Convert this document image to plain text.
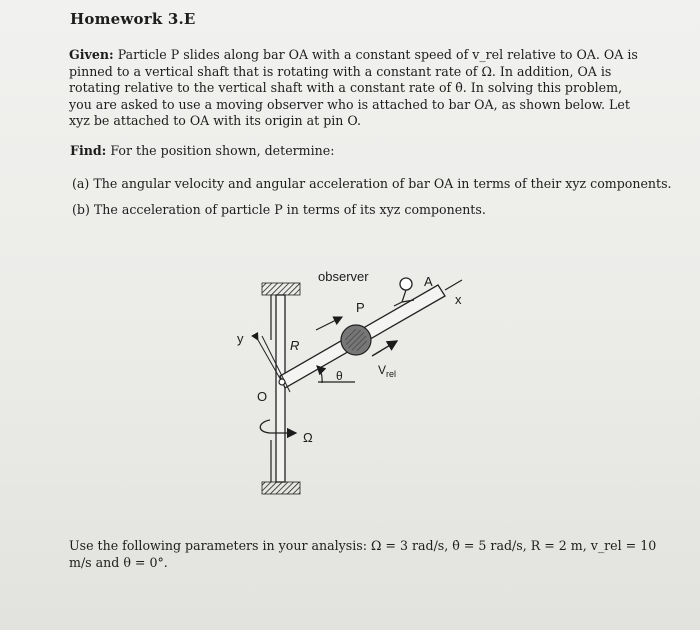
Homework 3.E
Given: Particle P slides along bar OA with a constant speed of v_rel relative to OA. OA is pinned to a vertical shaft that is rotating with a constant rate of Ω. In addition, OA is rotating relative to the vertical shaft with a constant rate of θ̇. In solving this problem, you are asked to use a moving observer who is attached to bar OA, as shown below. Let xyz be attached to OA with its origin at pin O.
Find: For the position shown, determine:
(a) The angular velocity and angular acceleration of bar OA in terms of their xyz components.
(b) The acceleration of particle P in terms of its xyz components.
observer	A
x
P
y	R
θ	$V_{rel}$
O
Ω
Use the following parameters in your analysis: Ω = 3 rad/s, θ̇ = 5 rad/s, R = 2 m, v_rel = 10 m/s and θ = 0°.
